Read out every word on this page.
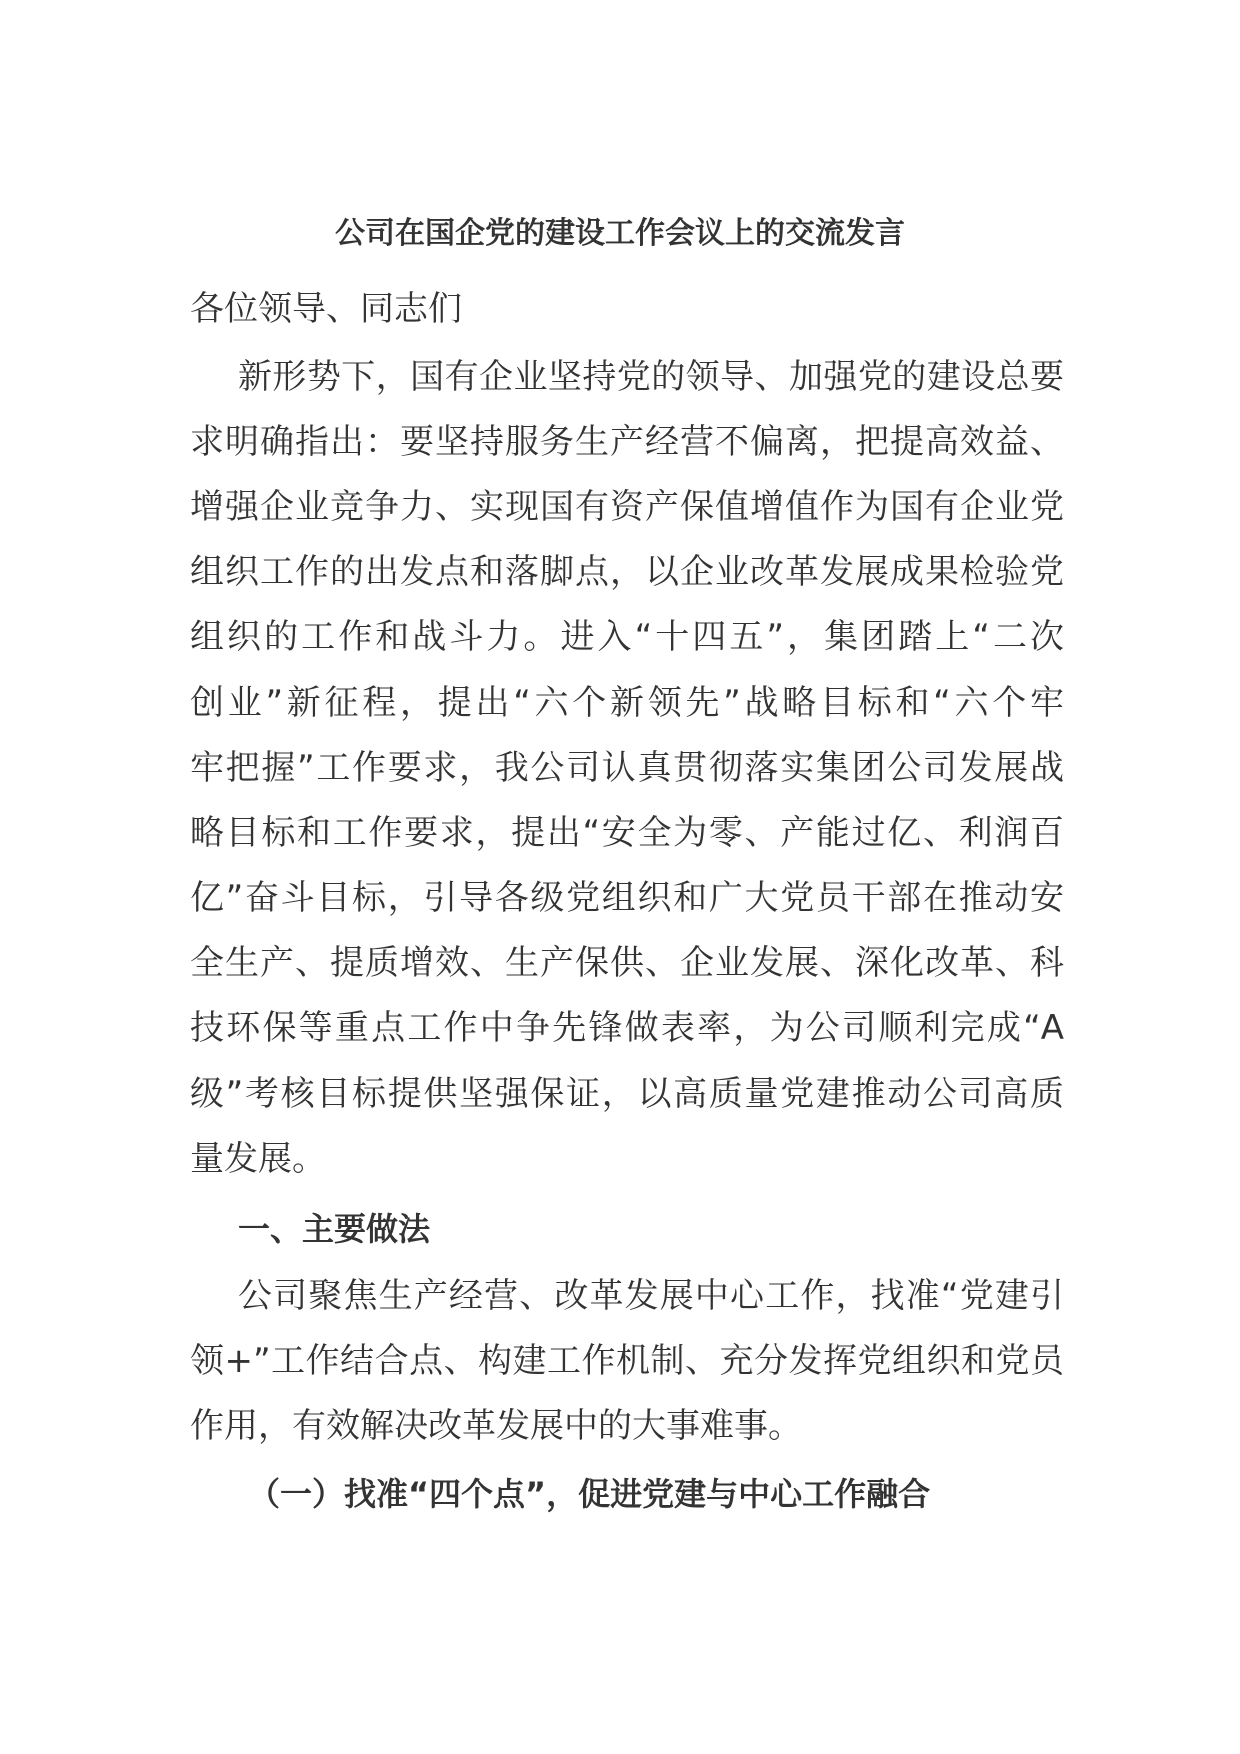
公司在国企党的建设工作会议上的交流发言
各位领导、同志们
新形势下，国有企业坚持党的领导、加强党的建设总要
求明确指出：要坚持服务生产经营不偏离，把提高效益、
增强企业竞争力、实现国有资产保值增值作为国有企业党
组织工作的出发点和落脚点，以企业改革发展成果检验党
组织的工作和战斗力。进入“十四五”，集团踏上“二次
创业”新征程，提出“六个新领先”战略目标和“六个牢
牢把握”工作要求，我公司认真贯彻落实集团公司发展战
略目标和工作要求，提出“安全为零、产能过亿、利润百
亿”奋斗目标，引导各级党组织和广大党员干部在推动安
全生产、提质增效、生产保供、企业发展、深化改革、科
技环保等重点工作中争先锋做表率，为公司顺利完成“A
级”考核目标提供坚强保证，以高质量党建推动公司高质
量发展。
一、主要做法
公司聚焦生产经营、改革发展中心工作，找准“党建引
领+”工作结合点、构建工作机制、充分发挥党组织和党员
作用，有效解决改革发展中的大事难事。
（一）找准“四个点”，促进党建与中心工作融合
